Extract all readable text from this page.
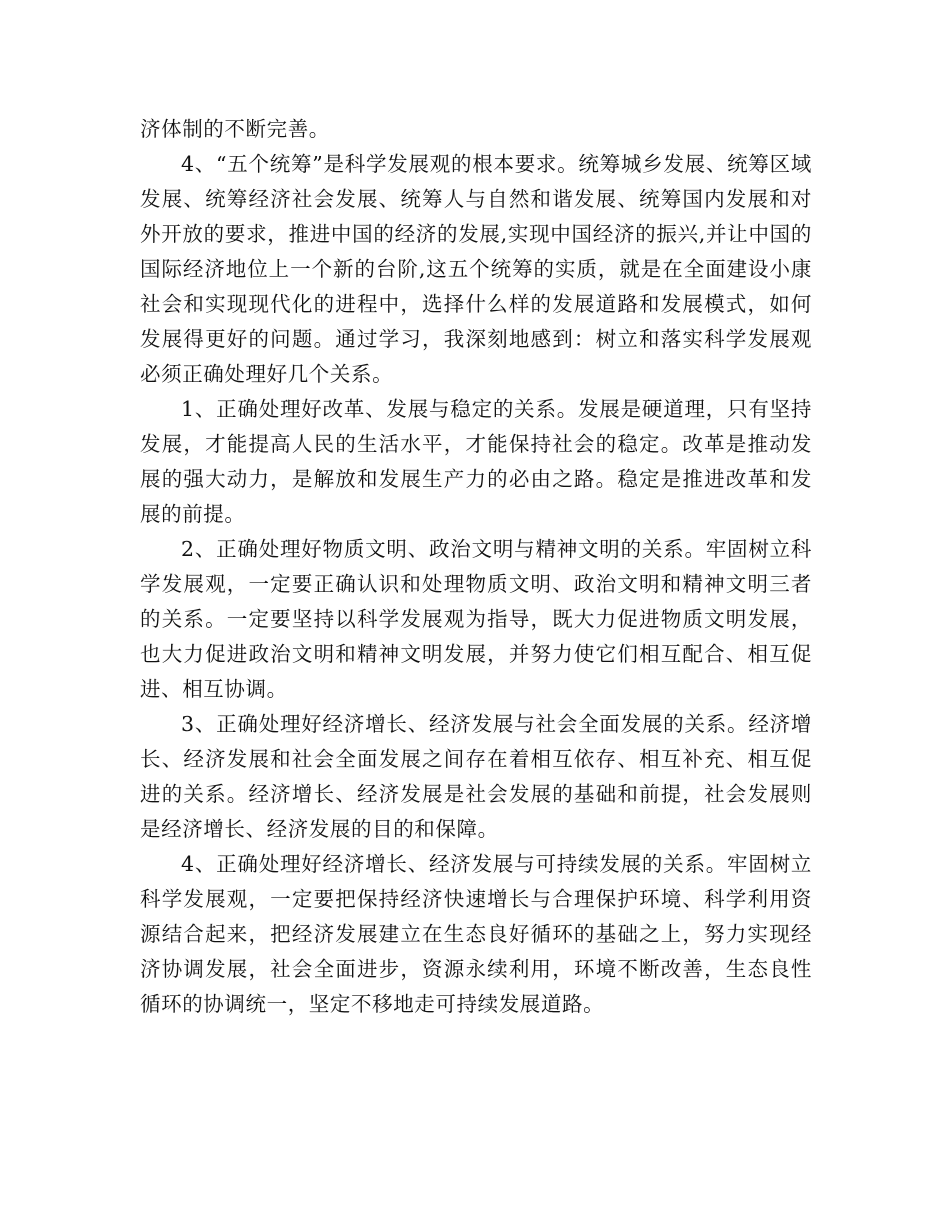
济体制的不断完善。

4、“五个统筹”是科学发展观的根本要求。统筹城乡发展、统筹区域发展、统筹经济社会发展、统筹人与自然和谐发展、统筹国内发展和对外开放的要求，推进中国的经济的发展,实现中国经济的振兴,并让中国的国际经济地位上一个新的台阶,这五个统筹的实质，就是在全面建设小康社会和实现现代化的进程中，选择什么样的发展道路和发展模式，如何发展得更好的问题。通过学习，我深刻地感到：树立和落实科学发展观必须正确处理好几个关系。

1、正确处理好改革、发展与稳定的关系。发展是硬道理，只有坚持发展，才能提高人民的生活水平，才能保持社会的稳定。改革是推动发展的强大动力，是解放和发展生产力的必由之路。稳定是推进改革和发展的前提。

2、正确处理好物质文明、政治文明与精神文明的关系。牢固树立科学发展观，一定要正确认识和处理物质文明、政治文明和精神文明三者的关系。一定要坚持以科学发展观为指导，既大力促进物质文明发展，也大力促进政治文明和精神文明发展，并努力使它们相互配合、相互促进、相互协调。

3、正确处理好经济增长、经济发展与社会全面发展的关系。经济增长、经济发展和社会全面发展之间存在着相互依存、相互补充、相互促进的关系。经济增长、经济发展是社会发展的基础和前提，社会发展则是经济增长、经济发展的目的和保障。

4、正确处理好经济增长、经济发展与可持续发展的关系。牢固树立科学发展观，一定要把保持经济快速增长与合理保护环境、科学利用资源结合起来，把经济发展建立在生态良好循环的基础之上，努力实现经济协调发展，社会全面进步，资源永续利用，环境不断改善，生态良性循环的协调统一，坚定不移地走可持续发展道路。
